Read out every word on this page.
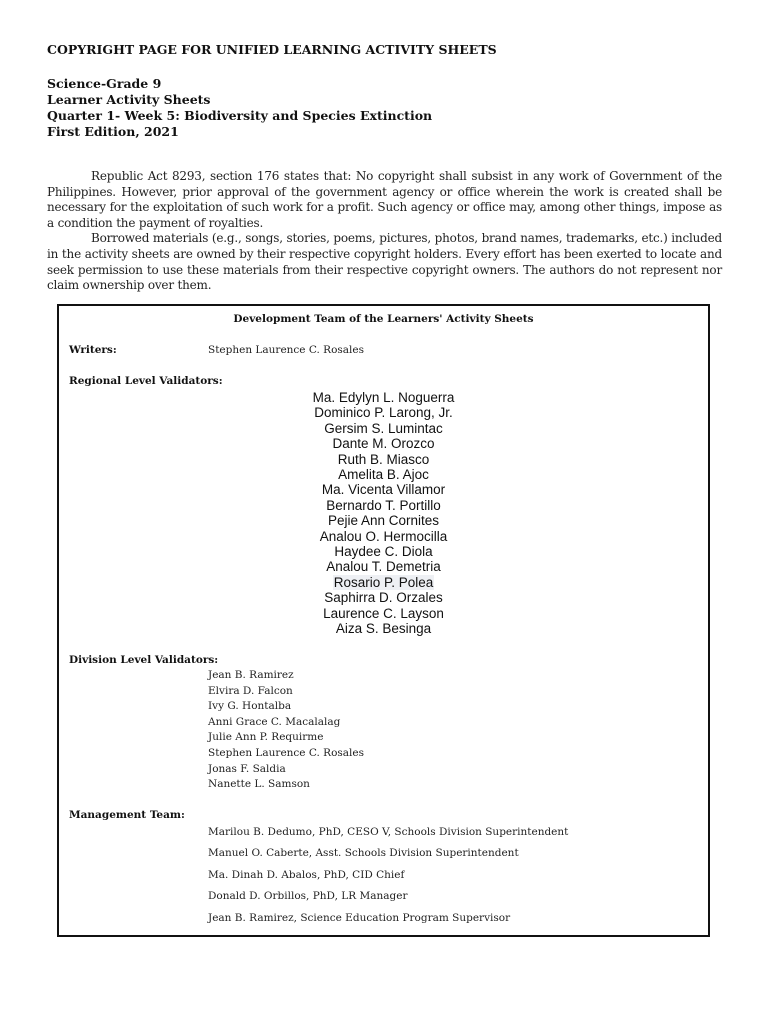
COPYRIGHT PAGE FOR UNIFIED LEARNING ACTIVITY SHEETS
Science-Grade 9
Learner Activity Sheets
Quarter 1- Week 5: Biodiversity and Species Extinction
First Edition, 2021

Republic Act 8293, section 176 states that: No copyright shall subsist in any work of Government of the Philippines. However, prior approval of the government agency or office wherein the work is created shall be necessary for the exploitation of such work for a profit. Such agency or office may, among other things, impose as a condition the payment of royalties.

Borrowed materials (e.g., songs, stories, poems, pictures, photos, brand names, trademarks, etc.) included in the activity sheets are owned by their respective copyright holders. Every effort has been exerted to locate and seek permission to use these materials from their respective copyright owners. The authors do not represent nor claim ownership over them.

Development Team of the Learners' Activity Sheets
Writers:	Stephen Laurence C. Rosales
Regional Level Validators:
Ma. Edylyn L. Noguerra
Dominico P. Larong, Jr.
Gersim S. Lumintac
Dante M. Orozco
Ruth B. Miasco
Amelita B. Ajoc
Ma. Vicenta Villamor
Bernardo T. Portillo
Pejie Ann Cornites
Analou O. Hermocilla
Haydee C. Diola
Analou T. Demetria
Rosario P. Polea
Saphirra D. Orzales
Laurence C. Layson
Aiza S. Besinga
Division Level Validators:
Jean B. Ramirez
Elvira D. Falcon
Ivy G. Hontalba
Anni Grace C. Macalalag
Julie Ann P. Requirme
Stephen Laurence C. Rosales
Jonas F. Saldia
Nanette L. Samson
Management Team:
Marilou B. Dedumo, PhD, CESO V, Schools Division Superintendent
Manuel O. Caberte, Asst. Schools Division Superintendent
Ma. Dinah D. Abalos, PhD, CID Chief
Donald D. Orbillos, PhD, LR Manager
Jean B. Ramirez, Science Education Program Supervisor
